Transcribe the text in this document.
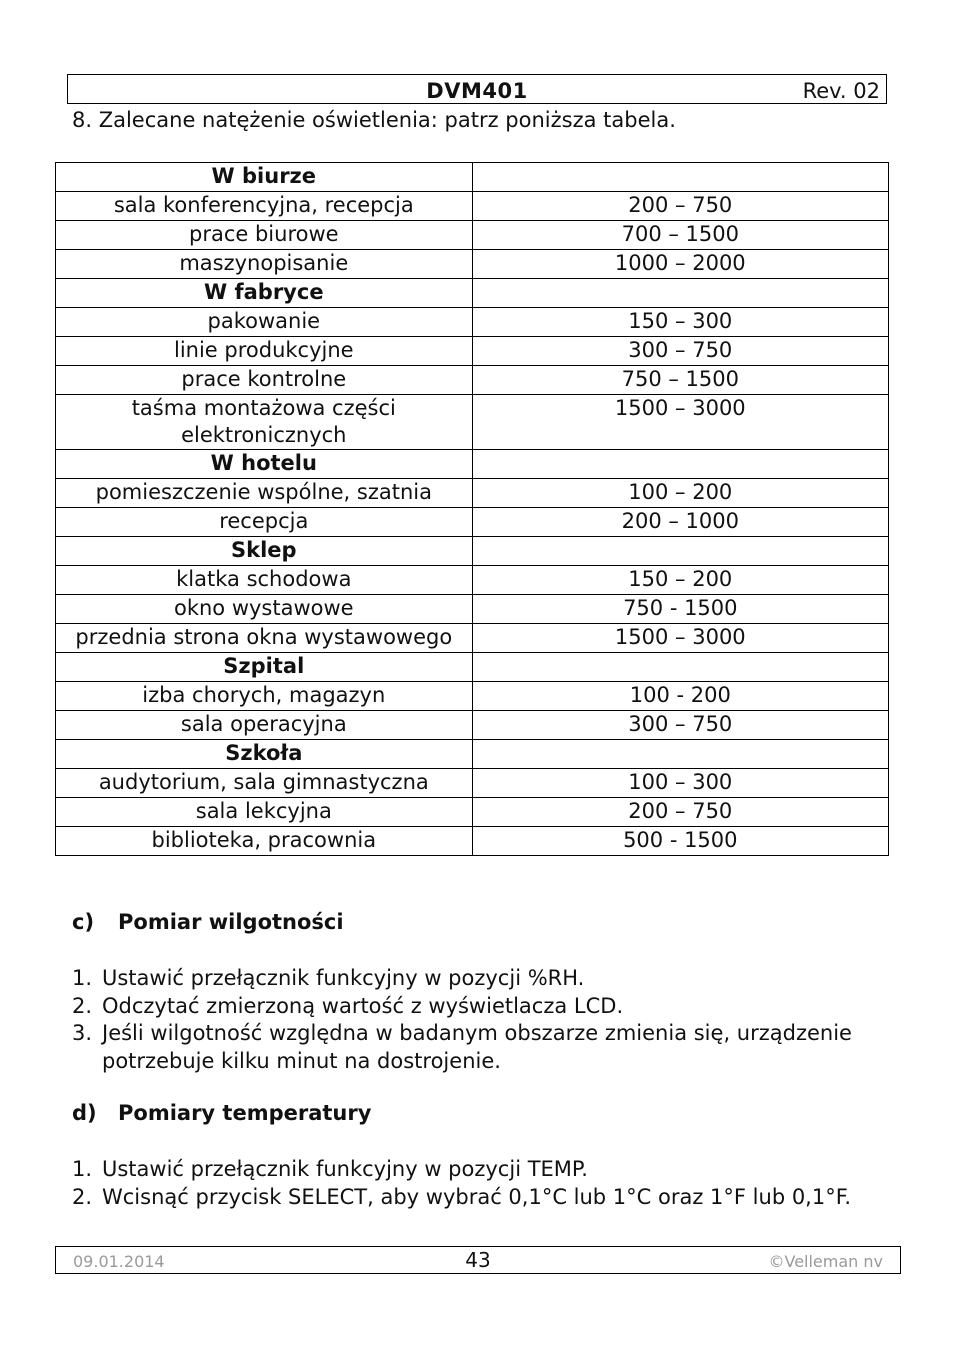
DVM401	Rev. 02
8. Zalecane natężenie oświetlenia: patrz poniższa tabela.
W biurze	
sala konferencyjna, recepcja	200 – 750
prace biurowe	700 – 1500
maszynopisanie	1000 – 2000
W fabryce	
pakowanie	150 – 300
linie produkcyjne	300 – 750
prace kontrolne	750 – 1500
taśma montażowa części elektronicznych	1500 – 3000
W hotelu	
pomieszczenie wspólne, szatnia	100 – 200
recepcja	200 – 1000
Sklep	
klatka schodowa	150 – 200
okno wystawowe	750 - 1500
przednia strona okna wystawowego	1500 – 3000
Szpital	
izba chorych, magazyn	100 - 200
sala operacyjna	300 – 750
Szkoła	
audytorium, sala gimnastyczna	100 – 300
sala lekcyjna	200 – 750
biblioteka, pracownia	500 - 1500
c) Pomiar wilgotności
1. Ustawić przełącznik funkcyjny w pozycji %RH.
2. Odczytać zmierzoną wartość z wyświetlacza LCD.
3. Jeśli wilgotność względna w badanym obszarze zmienia się, urządzenie potrzebuje kilku minut na dostrojenie.
d) Pomiary temperatury
1. Ustawić przełącznik funkcyjny w pozycji TEMP.
2. Wcisnąć przycisk SELECT, aby wybrać 0,1°C lub 1°C oraz 1°F lub 0,1°F.
09.01.2014	43	©Velleman nv
